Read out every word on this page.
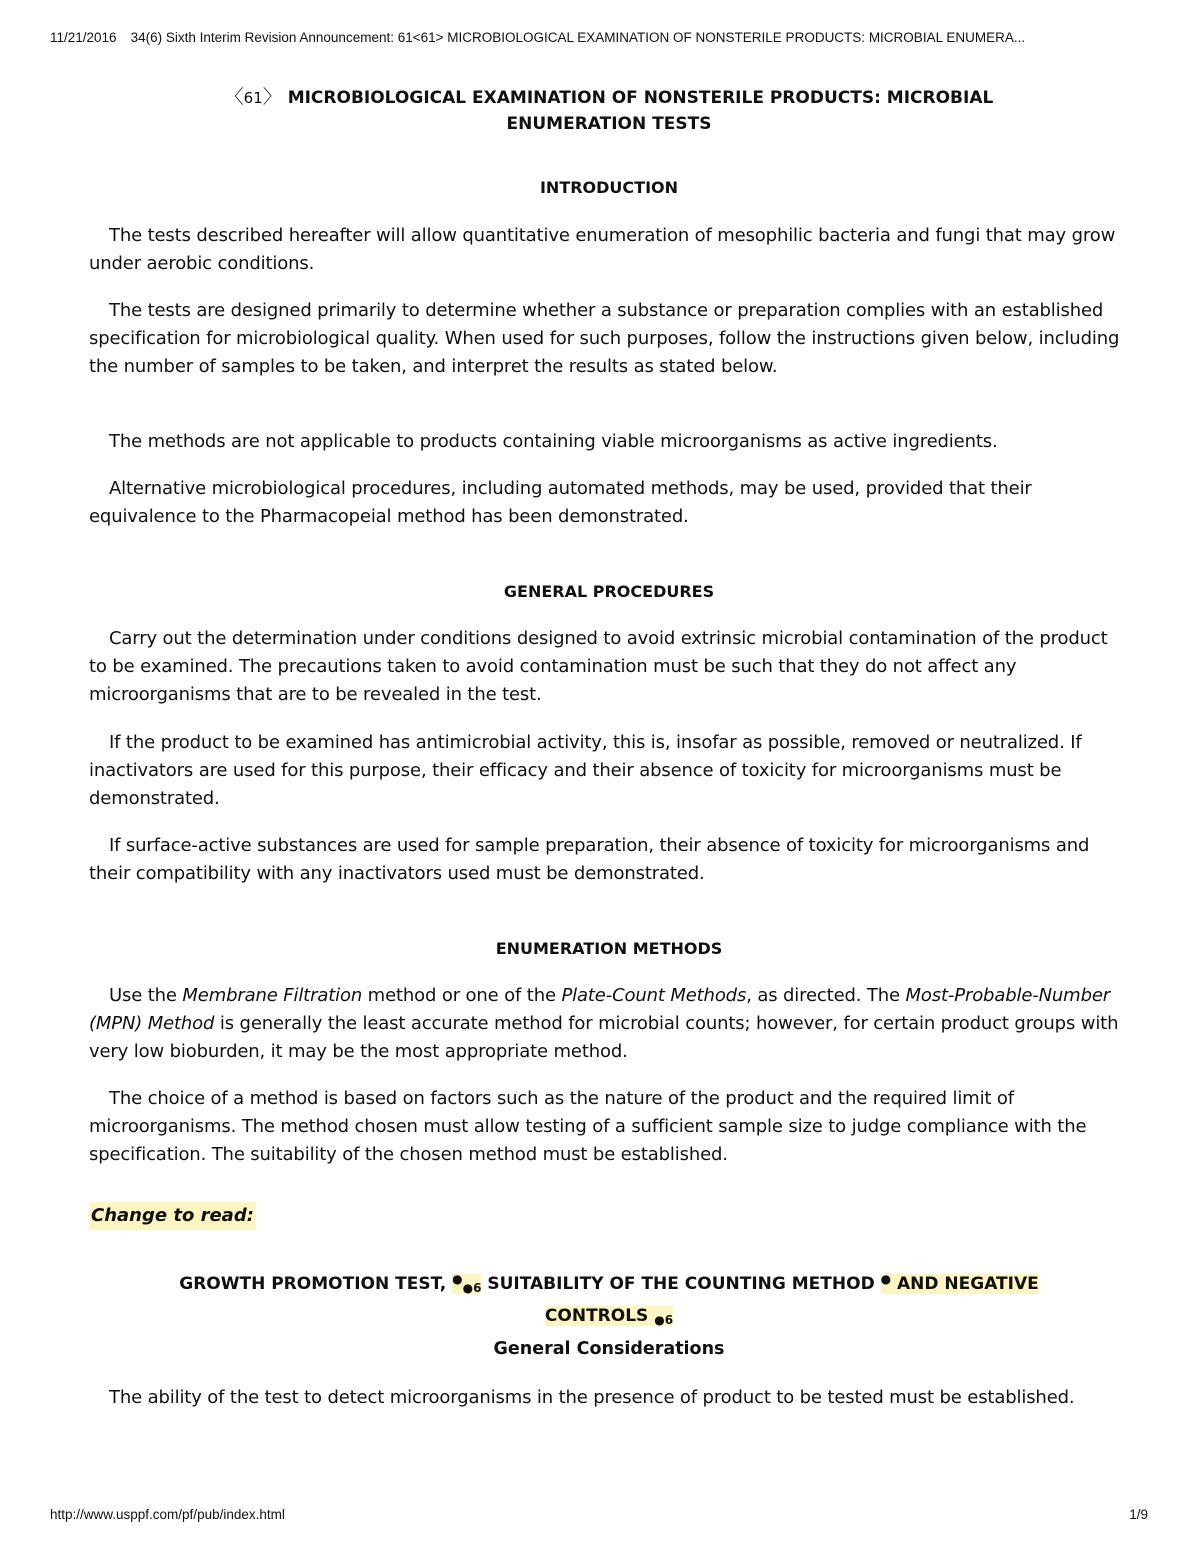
11/21/2016 34(6) Sixth Interim Revision Announcement: 61<61> MICROBIOLOGICAL EXAMINATION OF NONSTERILE PRODUCTS: MICROBIAL ENUMERA...
〈61〉 MICROBIOLOGICAL EXAMINATION OF NONSTERILE PRODUCTS: MICROBIAL
ENUMERATION TESTS
INTRODUCTION
The tests described hereafter will allow quantitative enumeration of mesophilic bacteria and fungi that may grow under aerobic conditions.
The tests are designed primarily to determine whether a substance or preparation complies with an established specification for microbiological quality. When used for such purposes, follow the instructions given below, including the number of samples to be taken, and interpret the results as stated below.
The methods are not applicable to products containing viable microorganisms as active ingredients.
Alternative microbiological procedures, including automated methods, may be used, provided that their equivalence to the Pharmacopeial method has been demonstrated.
GENERAL PROCEDURES
Carry out the determination under conditions designed to avoid extrinsic microbial contamination of the product to be examined. The precautions taken to avoid contamination must be such that they do not affect any microorganisms that are to be revealed in the test.
If the product to be examined has antimicrobial activity, this is, insofar as possible, removed or neutralized. If inactivators are used for this purpose, their efficacy and their absence of toxicity for microorganisms must be demonstrated.
If surface-active substances are used for sample preparation, their absence of toxicity for microorganisms and their compatibility with any inactivators used must be demonstrated.
ENUMERATION METHODS
Use the Membrane Filtration method or one of the Plate-Count Methods, as directed. The Most-Probable-Number (MPN) Method is generally the least accurate method for microbial counts; however, for certain product groups with very low bioburden, it may be the most appropriate method.
The choice of a method is based on factors such as the nature of the product and the required limit of microorganisms. The method chosen must allow testing of a sufficient sample size to judge compliance with the specification. The suitability of the chosen method must be established.
Change to read:
GROWTH PROMOTION TEST, ●●6 SUITABILITY OF THE COUNTING METHOD ● AND NEGATIVE
CONTROLS ●6
General Considerations
The ability of the test to detect microorganisms in the presence of product to be tested must be established.
http://www.usppf.com/pf/pub/index.html	1/9
